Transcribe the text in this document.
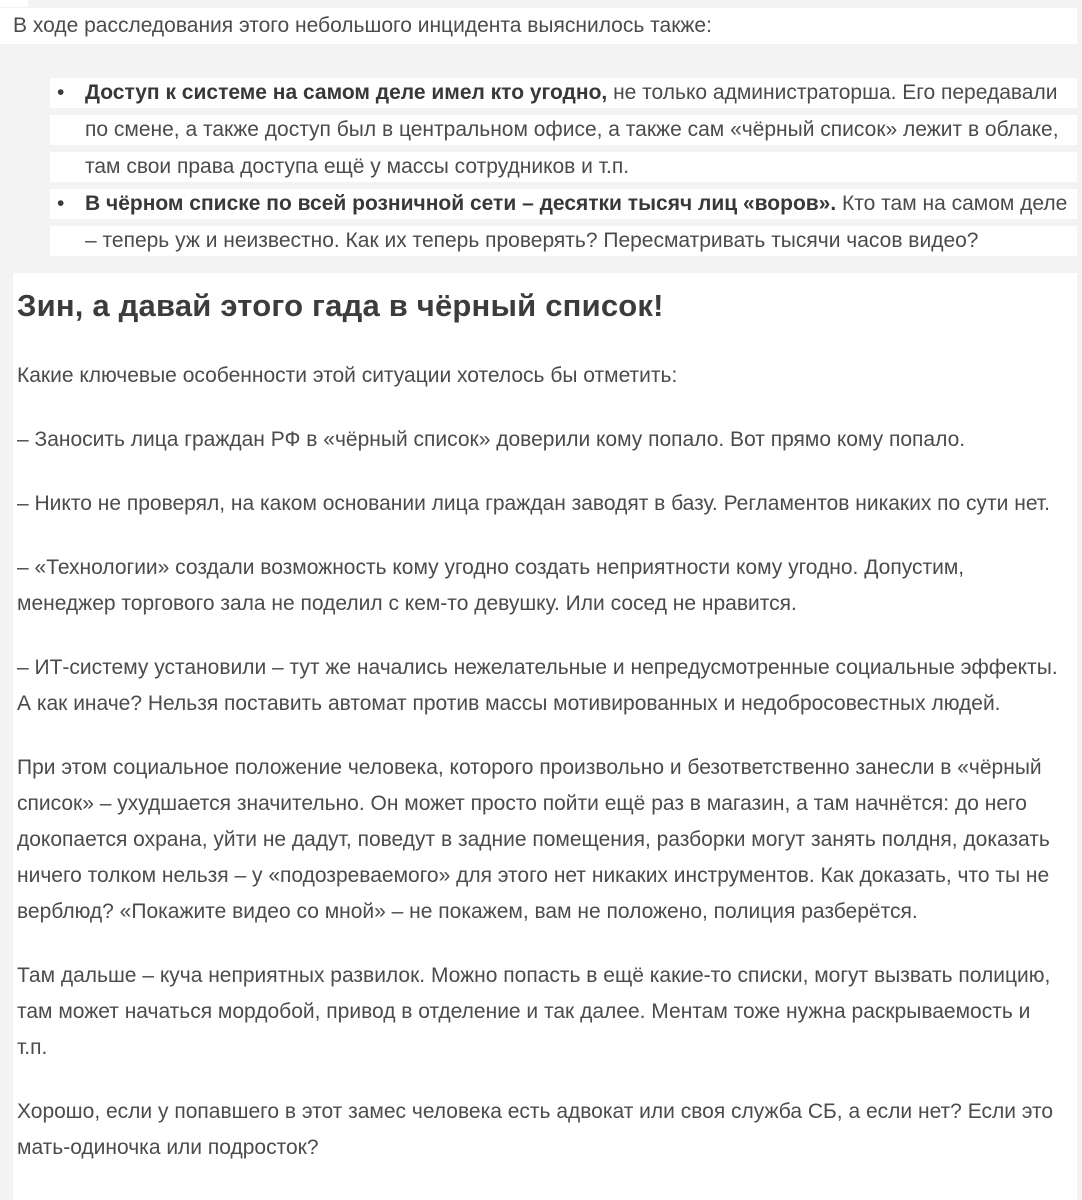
В ходе расследования этого небольшого инцидента выяснилось также:
• Доступ к системе на самом деле имел кто угодно, не только администраторша. Его передавали
по смене, а также доступ был в центральном офисе, а также сам «чёрный список» лежит в облаке,
там свои права доступа ещё у массы сотрудников и т.п.
• В чёрном списке по всей розничной сети – десятки тысяч лиц «воров». Кто там на самом деле
– теперь уж и неизвестно. Как их теперь проверять? Пересматривать тысячи часов видео?
Зин, а давай этого гада в чёрный список!

Какие ключевые особенности этой ситуации хотелось бы отметить:

– Заносить лица граждан РФ в «чёрный список» доверили кому попало. Вот прямо кому попало.

– Никто не проверял, на каком основании лица граждан заводят в базу. Регламентов никаких по сути нет.

– «Технологии» создали возможность кому угодно создать неприятности кому угодно. Допустим, менеджер торгового зала не поделил с кем-то девушку. Или сосед не нравится.

– ИТ-систему установили – тут же начались нежелательные и непредусмотренные социальные эффекты. А как иначе? Нельзя поставить автомат против массы мотивированных и недобросовестных людей.

При этом социальное положение человека, которого произвольно и безответственно занесли в «чёрный список» – ухудшается значительно. Он может просто пойти ещё раз в магазин, а там начнётся: до него докопается охрана, уйти не дадут, поведут в задние помещения, разборки могут занять полдня, доказать ничего толком нельзя – у «подозреваемого» для этого нет никаких инструментов. Как доказать, что ты не верблюд? «Покажите видео со мной» – не покажем, вам не положено, полиция разберётся.

Там дальше – куча неприятных развилок. Можно попасть в ещё какие-то списки, могут вызвать полицию, там может начаться мордобой, привод в отделение и так далее. Ментам тоже нужна раскрываемость и т.п.

Хорошо, если у попавшего в этот замес человека есть адвокат или своя служба СБ, а если нет? Если это мать-одиночка или подросток?
